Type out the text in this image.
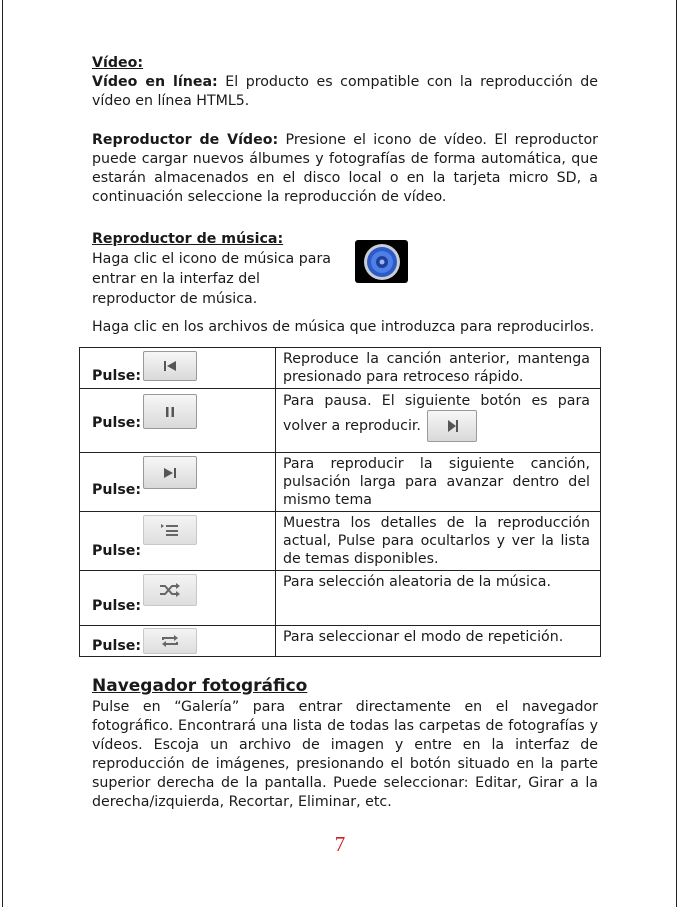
Vídeo:
Vídeo en línea: El producto es compatible con la reproducción de vídeo en línea HTML5.
Reproductor de Vídeo: Presione el icono de vídeo. El reproductor puede cargar nuevos álbumes y fotografías de forma automática, que estarán almacenados en el disco local o en la tarjeta micro SD, a continuación seleccione la reproducción de vídeo.
Reproductor de música:
Haga clic el icono de música para entrar en la interfaz del reproductor de música.
Haga clic en los archivos de música que introduzca para reproducirlos.
Pulse:	Reproduce la canción anterior, mantenga presionado para retroceso rápido.

Pulse:	Para pausa. El siguiente botón es para volver a reproducir.

Pulse:	Para reproducir la siguiente canción, pulsación larga para avanzar dentro del mismo tema

Pulse:	Muestra los detalles de la reproducción actual, Pulse para ocultarlos y ver la lista de temas disponibles.

Pulse:	Para selección aleatoria de la música.

Pulse:	Para seleccionar el modo de repetición.
Navegador fotográfico

Pulse en “Galería” para entrar directamente en el navegador fotográfico. Encontrará una lista de todas las carpetas de fotografías y vídeos. Escoja un archivo de imagen y entre en la interfaz de reproducción de imágenes, presionando el botón situado en la parte superior derecha de la pantalla. Puede seleccionar: Editar, Girar a la derecha/izquierda, Recortar, Eliminar, etc.

7
